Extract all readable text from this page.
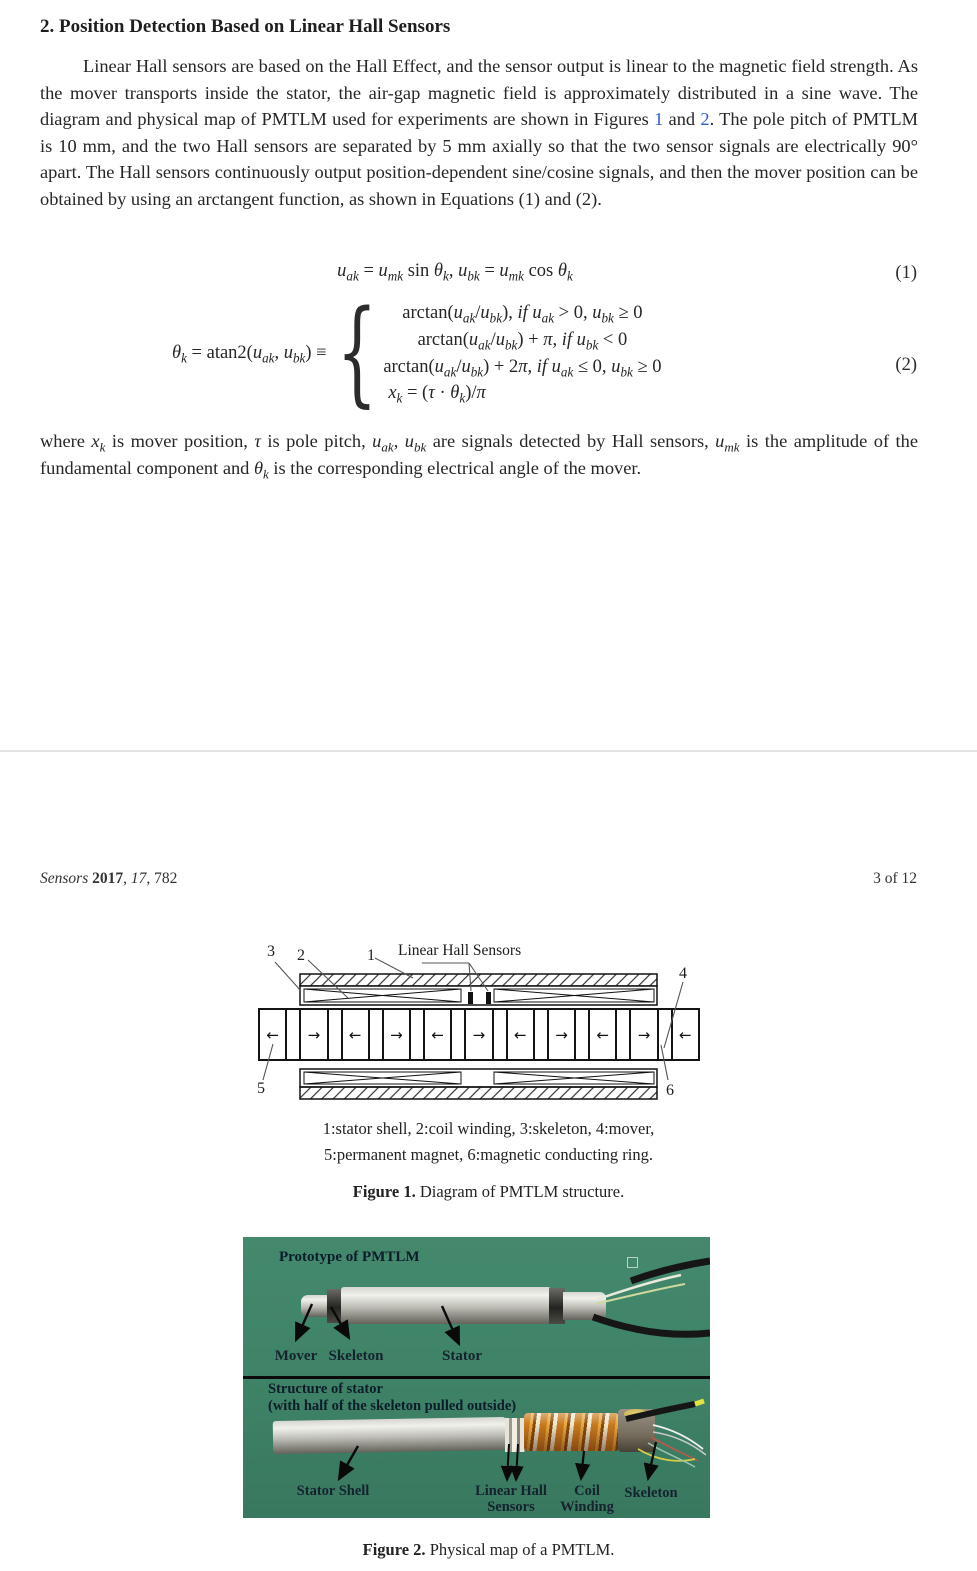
2. Position Detection Based on Linear Hall Sensors
Linear Hall sensors are based on the Hall Effect, and the sensor output is linear to the magnetic field strength. As the mover transports inside the stator, the air-gap magnetic field is approximately distributed in a sine wave. The diagram and physical map of PMTLM used for experiments are shown in Figures 1 and 2. The pole pitch of PMTLM is 10 mm, and the two Hall sensors are separated by 5 mm axially so that the two sensor signals are electrically 90° apart. The Hall sensors continuously output position-dependent sine/cosine signals, and then the mover position can be obtained by using an arctangent function, as shown in Equations (1) and (2).
$u_{ak} = u_{mk}$ $\sin \theta_k$, $u_{bk} = u_{mk}$ $\cos \theta_k$	(1)
$\theta_k = atan2(u_{ak}$, $u_{bk}$) ≡ {	$\arctan(u_{ak}/u_{bk})$, if $u_{ak} > 0$, $u_{bk} \ge 0$
$\arctan(u_{ak}/u_{bk}) + \pi$, if $u_{bk} < 0$
$\arctan(u_{ak}/u_{bk}) + 2\pi$, if $u_{ak} \le 0$, $u_{bk} \ge 0$
$x_k = (\tau \cdot \theta_k)/\pi$
(2)
where $x_k$ is mover position, τ is pole pitch, $u_{ak}$, $u_{bk}$ are signals detected by Hall sensors, $u_{mk}$ is the amplitude of the fundamental component and $\theta_k$ is the corresponding electrical angle of the mover.
Sensors 2017, 17, 782	3 of 12
3 2	1 Linear Hall Sensors
4
5	6
← → ← → ← → ← → ← → ←
1:stator shell, 2:coil winding, 3:skeleton, 4:mover,
5:permanent magnet, 6:magnetic conducting ring.
Figure 1. Diagram of PMTLM structure.
Prototype of PMTLM
Mover Skeleton	Stator
Structure of stator
(with half of the skeleton pulled outside)
Stator Shell	Linear Hall
Sensors
Coil
Winding
Skeleton
Figure 2. Physical map of a PMTLM.
